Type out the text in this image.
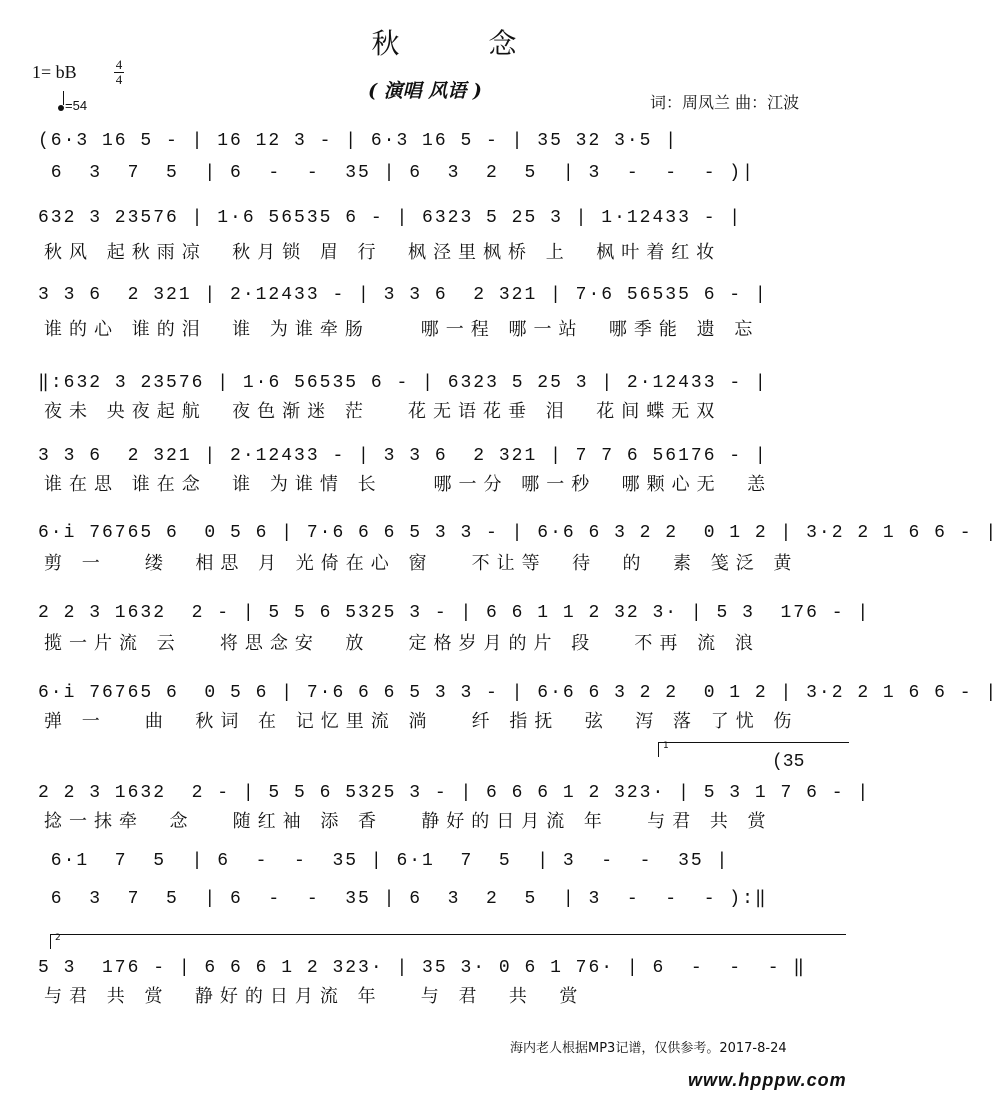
秋 念
1= bB	4
4
=54
( 演唱 风语 )
词：周凤兰 曲：江波
(6·3 16 5 - | 16 12 3 - | 6·3 16 5 - | 35 32 3·5 |
6  3  7  5  | 6  -  -  35 | 6  3  2  5  | 3  -  -  - )|
632 3 23576 | 1·6 56535 6 - | 6323 5 25 3 | 1·12433 - |
秋风 起秋雨凉  秋月锁 眉 行  枫泾里枫桥 上  枫叶着红妆
3 3 6  2 321 | 2·12433 - | 3 3 6  2 321 | 7·6 56535 6 - |
谁的心 谁的泪  谁 为谁牵肠    哪一程 哪一站  哪季能 遗 忘
‖:632 3 23576 | 1·6 56535 6 - | 6323 5 25 3 | 2·12433 - |
夜未 央夜起航  夜色渐迷 茫   花无语花垂 泪  花间蝶无双
3 3 6  2 321 | 2·12433 - | 3 3 6  2 321 | 7 7 6 56176 - |
谁在思 谁在念  谁 为谁情 长    哪一分 哪一秒  哪颗心无  恙
6·i 76765 6  0 5 6 | 7·6 6 6 5 3 3 - | 6·6 6 3 2 2  0 1 2 | 3·2 2 1 6 6 - |
剪 一   缕  相思 月 光倚在心 窗   不让等  待  的  素 笺泛 黄
2 2 3 1632  2 - | 5 5 6 5325 3 - | 6 6 1 1 2 32 3· | 5 3  176 - |
揽一片流 云   将思念安  放   定格岁月的片 段   不再 流 浪
6·i 76765 6  0 5 6 | 7·6 6 6 5 3 3 - | 6·6 6 3 2 2  0 1 2 | 3·2 2 1 6 6 - |
弹 一   曲  秋词 在 记忆里流 淌   纤 指抚  弦  泻 落 了忧 伤
1
(35
2 2 3 1632  2 - | 5 5 6 5325 3 - | 6 6 6 1 2 323· | 5 3 1 7 6 - |
捻一抹牵  念   随红袖 添 香   静好的日月流 年   与君 共 赏
6·1  7  5  | 6  -  -  35 | 6·1  7  5  | 3  -  -  35 |
6  3  7  5  | 6  -  -  35 | 6  3  2  5  | 3  -  -  - ):‖
2
5 3  176 - | 6 6 6 1 2 323· | 35 3· 0 6 1 76· | 6  -  -  - ‖
与君 共 赏  静好的日月流 年   与 君  共  赏
海内老人根据MP3记谱，仅供参考。2017-8-24
www.hpppw.com
